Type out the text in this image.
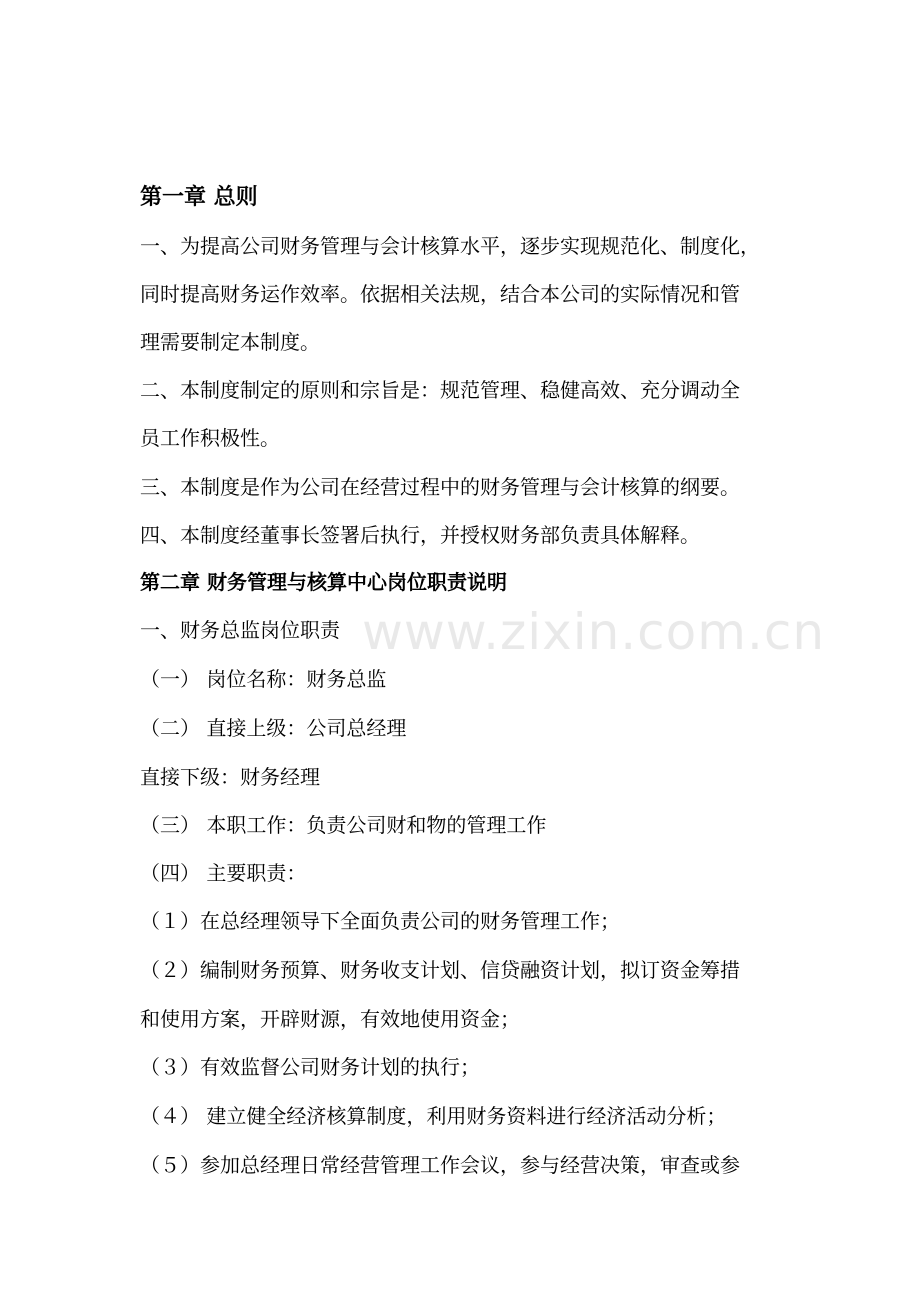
www.zixin.com.cn
第一章 总则
一、为提高公司财务管理与会计核算水平，逐步实现规范化、制度化，
同时提高财务运作效率。依据相关法规，结合本公司的实际情况和管
理需要制定本制度。
二、本制度制定的原则和宗旨是：规范管理、稳健高效、充分调动全
员工作积极性。
三、本制度是作为公司在经营过程中的财务管理与会计核算的纲要。
四、本制度经董事长签署后执行，并授权财务部负责具体解释。
第二章 财务管理与核算中心岗位职责说明
一、财务总监岗位职责
（一） 岗位名称：财务总监
（二） 直接上级：公司总经理
直接下级：财务经理
（三） 本职工作：负责公司财和物的管理工作
（四） 主要职责：
（１）在总经理领导下全面负责公司的财务管理工作；
（２）编制财务预算、财务收支计划、信贷融资计划，拟订资金筹措
和使用方案，开辟财源，有效地使用资金；
（３）有效监督公司财务计划的执行；
（４） 建立健全经济核算制度，利用财务资料进行经济活动分析；
（５）参加总经理日常经营管理工作会议，参与经营决策，审查或参
